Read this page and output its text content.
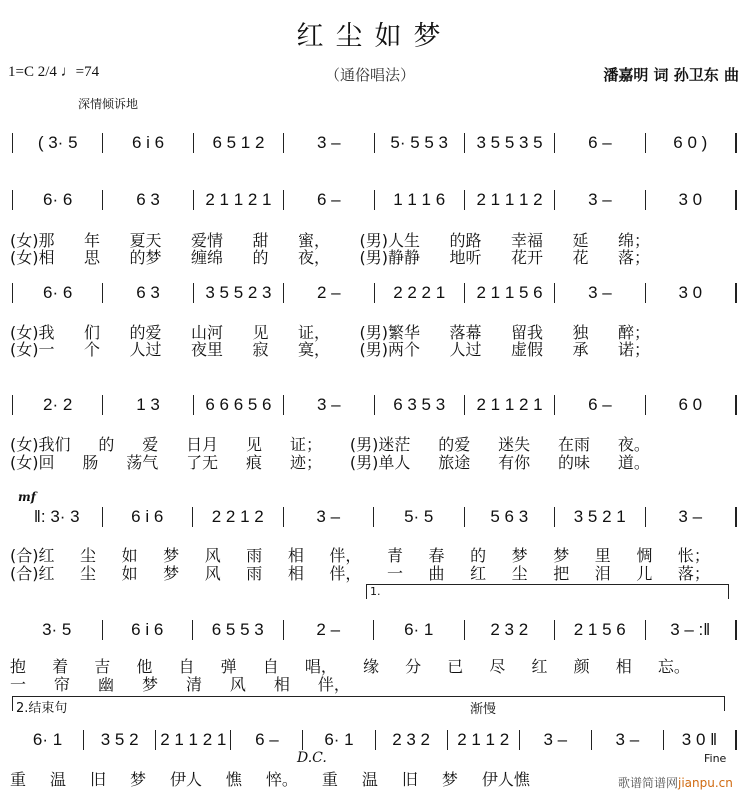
红尘如梦
1=C 2/4 ♩=74	（通俗唱法）	潘嘉明 词 孙卫东 曲
深情倾诉地
mf
( 3· 5	6 i 6	6 5 1 2	3 –	5· 5 5 3	3 5 5 3 5	6 –	6 0 )
6· 6	6 3	2 1 1 2 1	6 –	1 1 1 6	2 1 1 1 2	3 –	3 0
6· 6	6 3	3 5 5 2 3	2 –	2 2 2 1	2 1 1 5 6	3 –	3 0
2· 2	1 3	6 6 6 5 6	3 –	6 3 5 3	2 1 1 2 1	6 –	6 0
‖: 3· 3	6 i 6	2 2 1 2	3 –	5· 5	5 6 3	3 5 2 1	3 –
3· 5	6 i 6	6 5 5 3	2 –	6· 1	2 3 2	2 1 5 6	3 – :‖
6· 1	3 5 2	2 1 1 2 1	6 –	6· 1	2 3 2	2 1 1 2	3 –	3 –	3 0 ‖
(女)那 年 夏天 爱情 甜 蜜， (男)人生 的路 幸福 延 绵；
(女)相 思 的梦 缠绵 的 夜， (男)静静 地听 花开 花 落；
(女)我 们 的爱 山河 见 证， (男)繁华 落幕 留我 独 醉；
(女)一 个 人过 夜里 寂 寞， (男)两个 人过 虚假 承 诺；
(女)我们 的 爱 日月 见 证； (男)迷茫 的爱 迷失 在雨 夜。
(女)回 肠 荡气 了无 痕 迹； (男)单人 旅途 有你 的味 道。
(合)红 尘 如 梦 风 雨 相 伴， 青 春 的 梦 梦 里 惆 怅；
(合)红 尘 如 梦 风 雨 相 伴， 一 曲 红 尘 把 泪 儿 落；
抱 着 吉 他 自 弹 自 唱， 缘 分 已 尽 红 颜 相 忘。
一 帘 幽 梦 清 风 相 伴，
重 温 旧 梦 伊人 憔 悴。 重 温 旧 梦 伊人憔
1.
2.结束句	渐慢
D.C.	Fine
歌谱简谱网jianpu.cn
